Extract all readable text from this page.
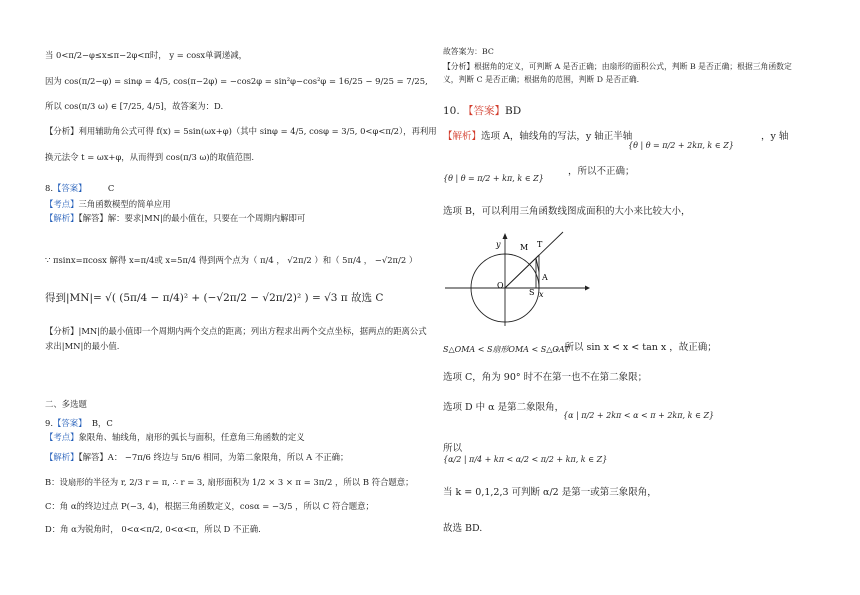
当 0<π/2−φ≤x≤π−2φ<π时， y = cosx单调递减，
因为 cos(π/2−φ) = sinφ = 4/5, cos(π−2φ) = −cos2φ = sin²φ−cos²φ = 16/25 − 9/25 = 7/25,
所以 cos(π/3 ω) ∈ [7/25, 4/5]，故答案为：D.
【分析】利用辅助角公式可得 f(x) = 5sin(ωx+φ)（其中 sinφ = 4/5, cosφ = 3/5, 0<φ<π/2），再利用
换元法令 t = ωx+φ，从而得到 cos(π/3 ω)的取值范围.
8.【答案】	C
【考点】三角函数模型的简单应用
【解析】【解答】解：要求|MN|的最小值在，只要在一个周期内解即可
∵ πsinx=πcosx 解得 x=π/4或 x=5π/4 得到两个点为（ π/4 ， √2π/2 ）和（ 5π/4 ， −√2π/2 ）
得到|MN|= √( (5π/4 − π/4)² + (−√2π/2 − √2π/2)² ) = √3 π 故选 C
【分析】|MN|的最小值即一个周期内两个交点的距离；列出方程求出两个交点坐标，据两点的距离公式
求出|MN|的最小值.
二、多选题
9.【答案】 B，C
【考点】象限角、轴线角，扇形的弧长与面积，任意角三角函数的定义
【解析】【解答】A： −7π/6 终边与 5π/6 相同，为第二象限角，所以 A 不正确；
B：设扇形的半径为 r, 2/3 r = π, ∴ r = 3, 扇形面积为 1/2 × 3 × π = 3π/2 ，所以 B 符合题意；
C：角 α的终边过点 P(−3, 4)，根据三角函数定义，cosα = −3/5 ，所以 C 符合题意；
D：角 α为锐角时， 0<α<π/2, 0<α<π，所以 D 不正确.
故答案为：BC
【分析】根据角的定义，可判断 A 是否正确；由扇形的面积公式，判断 B 是否正确；根据三角函数定
义，判断 C 是否正确；根据角的范围，判断 D 是否正确.
10. 【答案】BD
【解析】选项 A，轴线角的写法，y 轴正半轴
{θ | θ = π/2 + 2kπ, k ∈ Z}
，y 轴
{θ | θ = π/2 + kπ, k ∈ Z}
，所以不正确；
选项 B，可以利用三角函数线图成面积的大小来比较大小，
y
x
M T
A
O
S
S△OMA < S扇形OMA < S△OAT
，所以 sin x < x < tan x ，故正确；
选项 C，角为 90° 时不在第一也不在第二象限；
选项 D 中 α 是第二象限角，
{α | π/2 + 2kπ < α < π + 2kπ, k ∈ Z}
所以
{α/2 | π/4 + kπ < α/2 < π/2 + kπ, k ∈ Z}
当 k = 0,1,2,3 可判断 α/2 是第一或第三象限角，
故选 BD.
